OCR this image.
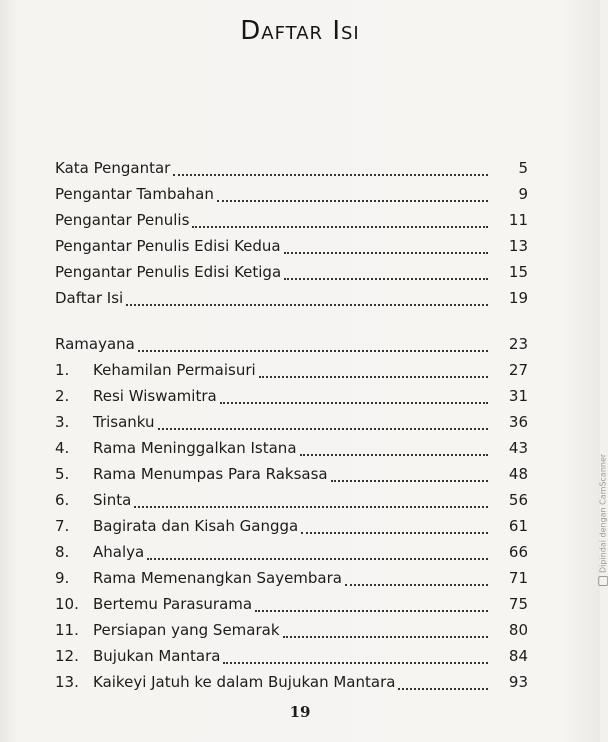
Daftar Isi
Kata Pengantar	5
Pengantar Tambahan	9
Pengantar Penulis	11
Pengantar Penulis Edisi Kedua	13
Pengantar Penulis Edisi Ketiga	15
Daftar Isi	19
Ramayana	23
1.	Kehamilan Permaisuri	27
2.	Resi Wiswamitra	31
3.	Trisanku	36
4.	Rama Meninggalkan Istana	43
5.	Rama Menumpas Para Raksasa	48
6.	Sinta	56
7.	Bagirata dan Kisah Gangga	61
8.	Ahalya	66
9.	Rama Memenangkan Sayembara	71
10. Bertemu Parasurama	75
11. Persiapan yang Semarak	80
12. Bujukan Mantara	84
13. Kaikeyi Jatuh ke dalam Bujukan Mantara	93
19
Dipindai dengan CamScanner
